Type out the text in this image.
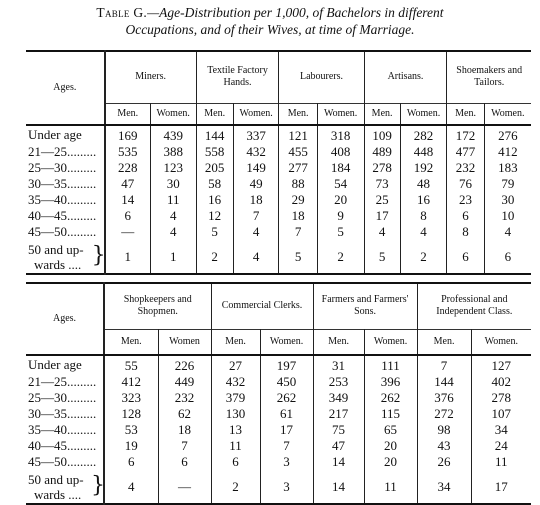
Table G.—Age-Distribution per 1,000, of Bachelors in different
Occupations, and of their Wives, at time of Marriage.
Ages.	Miners.		Textile Factory Hands.		Labourers.		Artisans.		Shoemakers and Tailors.	
	Men.	Women.	Men.	Women.	Men.	Women.	Men.	Women.	Men.	Women.
Under age	169	439	144	337	121	318	109	282	172	276
21—25.........	535	388	558	432	455	408	489	448	477	412
25—30.........	228	123	205	149	277	184	278	192	232	183
30—35.........	47	30	58	49	88	54	73	48	76	79
35—40.........	14	11	16	18	29	20	25	16	23	30
40—45.........	6	4	12	7	18	9	17	8	6	10
45—50.........	—	4	5	4	7	5	4	4	8	4

50 and up-
wards .... }	1	1	2	4	5	2	5	2	6	6
Ages.	Shopkeepers and Shopmen.		Commercial Clerks.		Farmers and Farmers' Sons.		Professional and Independent Class.	
	Men.	Women	Men.	Women.	Men.	Women.	Men.	Women.
Under age	55	226	27	197	31	111	7	127
21—25.........	412	449	432	450	253	396	144	402
25—30.........	323	232	379	262	349	262	376	278
30—35.........	128	62	130	61	217	115	272	107
35—40.........	53	18	13	17	75	65	98	34
40—45.........	19	7	11	7	47	20	43	24
45—50.........	6	6	6	3	14	20	26	11

50 and up-
wards .... }	4	—	2	3	14	11	34	17
